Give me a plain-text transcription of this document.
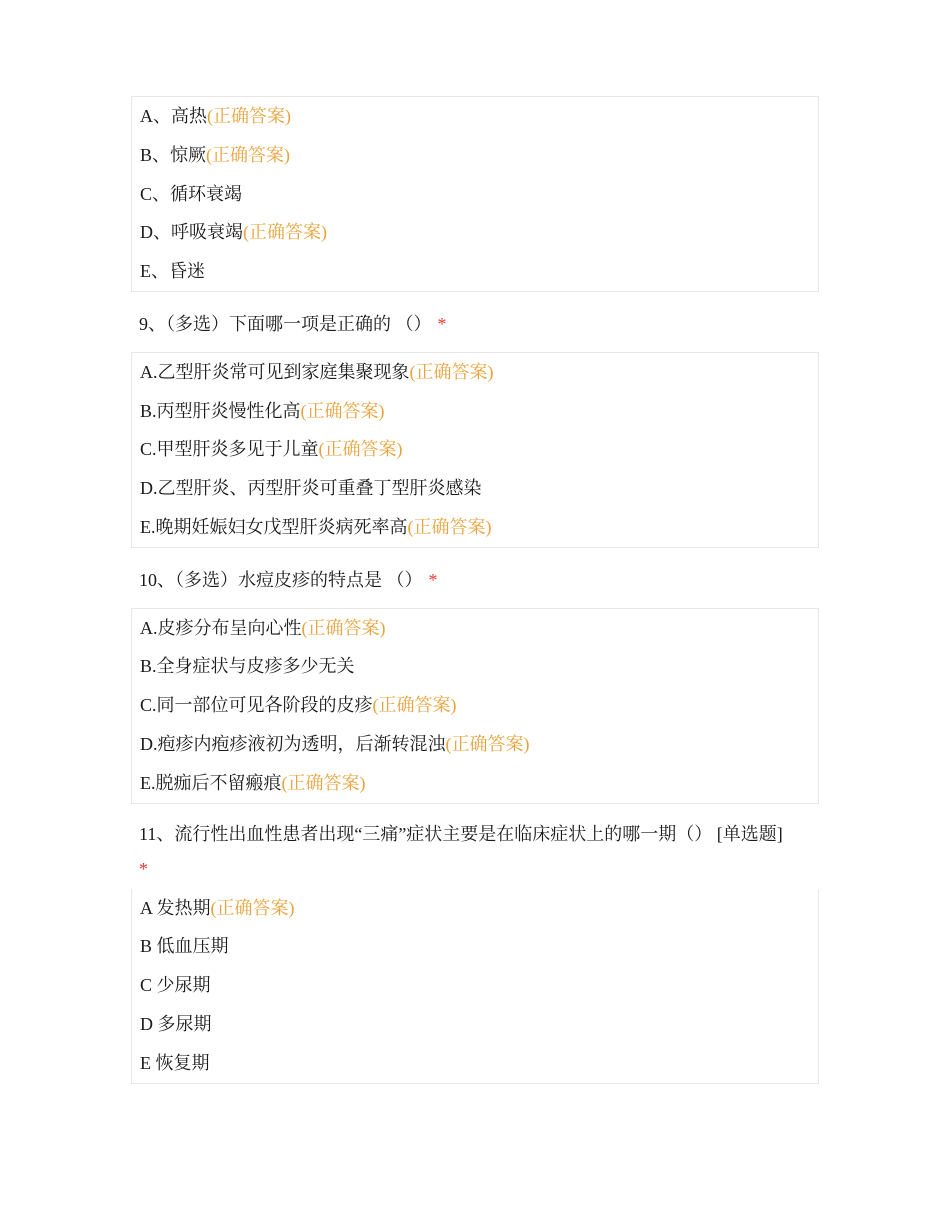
A、高热(正确答案)
B、惊厥(正确答案)
C、循环衰竭
D、呼吸衰竭(正确答案)
E、昏迷
9、（多选）下面哪一项是正确的 （） *
A.乙型肝炎常可见到家庭集聚现象(正确答案)
B.丙型肝炎慢性化高(正确答案)
C.甲型肝炎多见于儿童(正确答案)
D.乙型肝炎、丙型肝炎可重叠丁型肝炎感染
E.晚期妊娠妇女戊型肝炎病死率高(正确答案)
10、（多选）水痘皮疹的特点是 （） *
A.皮疹分布呈向心性(正确答案)
B.全身症状与皮疹多少无关
C.同一部位可见各阶段的皮疹(正确答案)
D.疱疹内疱疹液初为透明，后渐转混浊(正确答案)
E.脱痂后不留瘢痕(正确答案)
11、流行性出血性患者出现“三痛”症状主要是在临床症状上的哪一期（） [单选题]
*
A 发热期(正确答案)
B 低血压期
C 少尿期
D 多尿期
E 恢复期
